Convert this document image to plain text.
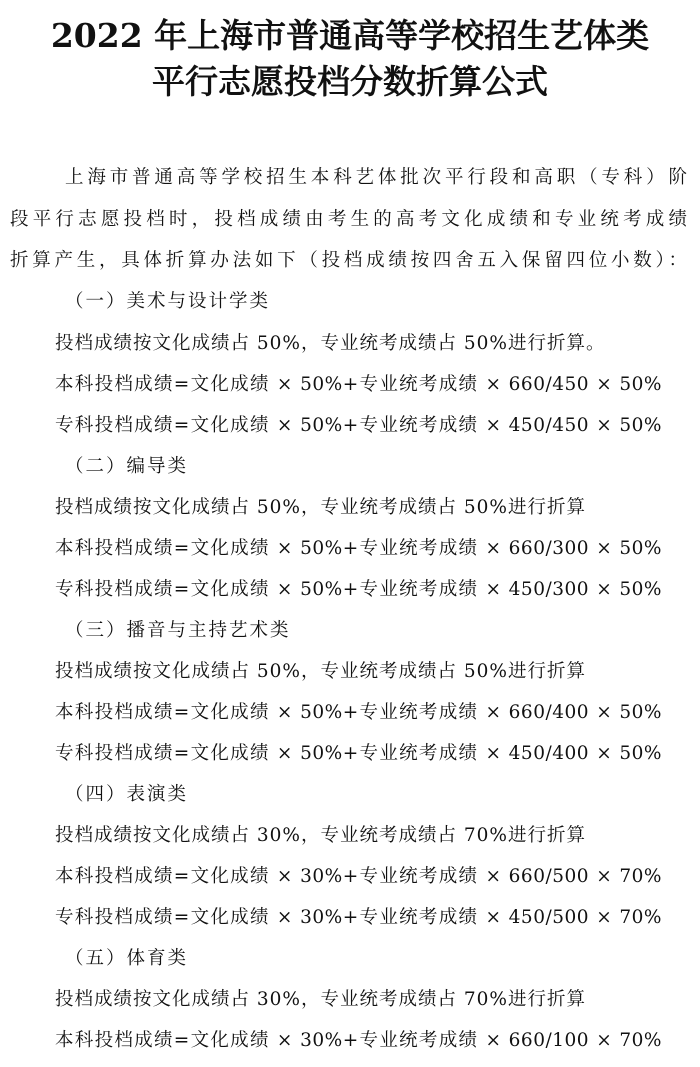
2022 年上海市普通高等学校招生艺体类
平行志愿投档分数折算公式
上海市普通高等学校招生本科艺体批次平行段和高职（专科）阶
段平行志愿投档时，投档成绩由考生的高考文化成绩和专业统考成绩
折算产生，具体折算办法如下（投档成绩按四舍五入保留四位小数）：
（一）美术与设计学类
投档成绩按文化成绩占 50%，专业统考成绩占 50%进行折算。
本科投档成绩=文化成绩 × 50%+专业统考成绩 × 660/450 × 50%
专科投档成绩=文化成绩 × 50%+专业统考成绩 × 450/450 × 50%
（二）编导类
投档成绩按文化成绩占 50%，专业统考成绩占 50%进行折算
本科投档成绩=文化成绩 × 50%+专业统考成绩 × 660/300 × 50%
专科投档成绩=文化成绩 × 50%+专业统考成绩 × 450/300 × 50%
（三）播音与主持艺术类
投档成绩按文化成绩占 50%，专业统考成绩占 50%进行折算
本科投档成绩=文化成绩 × 50%+专业统考成绩 × 660/400 × 50%
专科投档成绩=文化成绩 × 50%+专业统考成绩 × 450/400 × 50%
（四）表演类
投档成绩按文化成绩占 30%，专业统考成绩占 70%进行折算
本科投档成绩=文化成绩 × 30%+专业统考成绩 × 660/500 × 70%
专科投档成绩=文化成绩 × 30%+专业统考成绩 × 450/500 × 70%
（五）体育类
投档成绩按文化成绩占 30%，专业统考成绩占 70%进行折算
本科投档成绩=文化成绩 × 30%+专业统考成绩 × 660/100 × 70%
